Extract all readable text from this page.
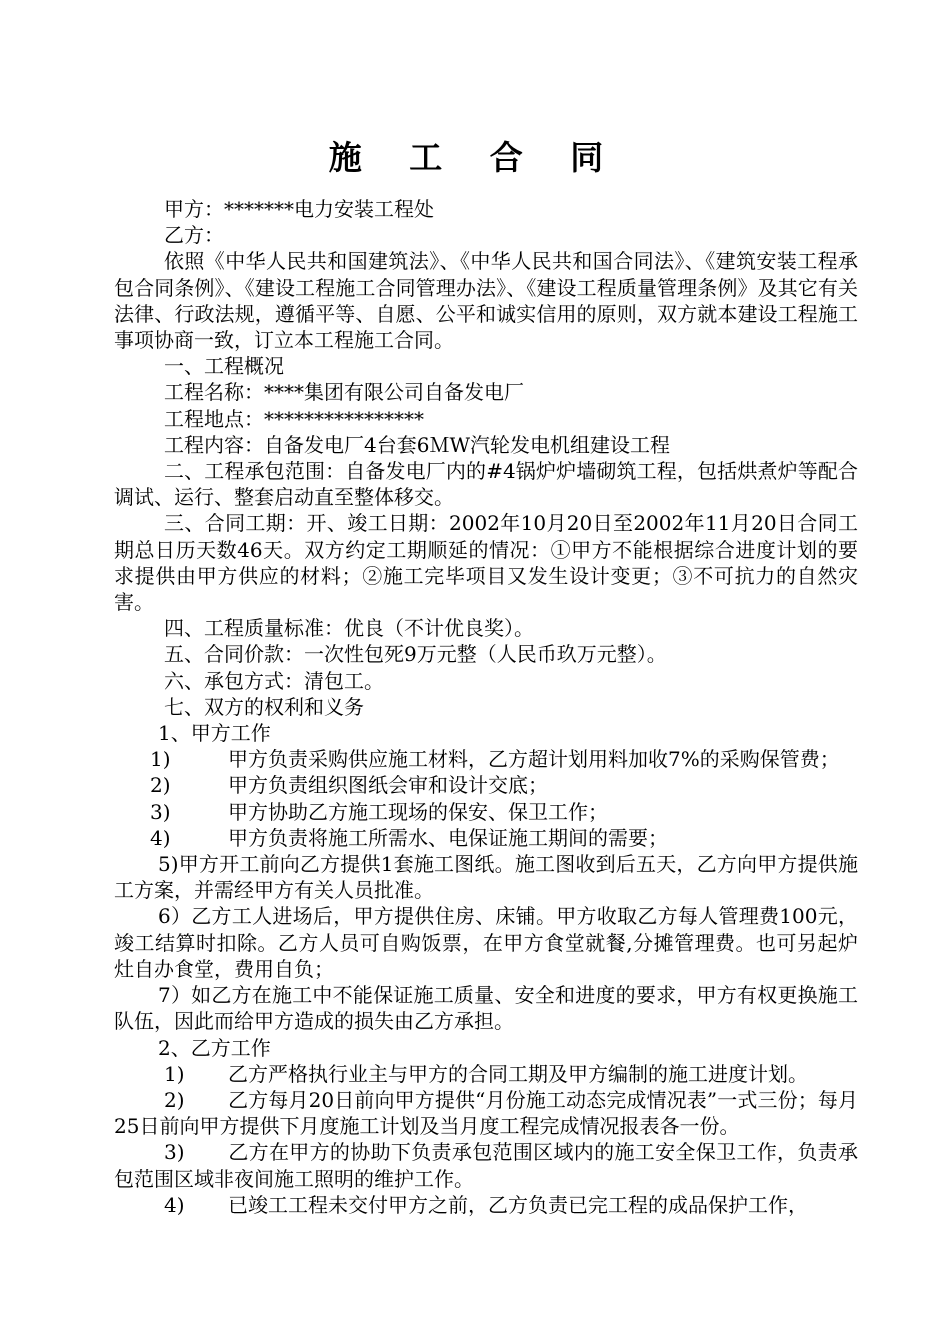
施 工 合 同

甲方：*******电力安装工程处

乙方：

依照《中华人民共和国建筑法》、《中华人民共和国合同法》、《建筑安装工程承包合同条例》、《建设工程施工合同管理办法》、《建设工程质量管理条例》及其它有关法律、行政法规，遵循平等、自愿、公平和诚实信用的原则，双方就本建设工程施工事项协商一致，订立本工程施工合同。

一、工程概况

工程名称：****集团有限公司自备发电厂

工程地点：****************

工程内容：自备发电厂4台套6ＭW汽轮发电机组建设工程

二、工程承包范围：自备发电厂内的#4锅炉炉墙砌筑工程，包括烘煮炉等配合调试、运行、整套启动直至整体移交。

三、合同工期：开、竣工日期：2002年10月20日至2002年11月20日合同工期总日历天数46天。双方约定工期顺延的情况：①甲方不能根据综合进度计划的要求提供由甲方供应的材料；②施工完毕项目又发生设计变更；③不可抗力的自然灾害。

四、工程质量标准：优良（不计优良奖）。

五、合同价款：一次性包死9万元整（人民币玖万元整）。

六、承包方式：清包工。

七、双方的权利和义务

1、甲方工作

1)	甲方负责采购供应施工材料，乙方超计划用料加收7%的采购保管费；

2)	甲方负责组织图纸会审和设计交底；

3)	甲方协助乙方施工现场的保安、保卫工作；

4)	甲方负责将施工所需水、电保证施工期间的需要；

5)甲方开工前向乙方提供1套施工图纸。施工图收到后五天，乙方向甲方提供施工方案，并需经甲方有关人员批准。

6）乙方工人进场后，甲方提供住房、床铺。甲方收取乙方每人管理费100元，竣工结算时扣除。乙方人员可自购饭票，在甲方食堂就餐,分摊管理费。也可另起炉灶自办食堂，费用自负；

7）如乙方在施工中不能保证施工质量、安全和进度的要求，甲方有权更换施工队伍，因此而给甲方造成的损失由乙方承担。

2、乙方工作

1) 乙方严格执行业主与甲方的合同工期及甲方编制的施工进度计划。

2) 乙方每月20日前向甲方提供“月份施工动态完成情况表”一式三份；每月25日前向甲方提供下月度施工计划及当月度工程完成情况报表各一份。

3) 乙方在甲方的协助下负责承包范围区域内的施工安全保卫工作，负责承包范围区域非夜间施工照明的维护工作。

4) 已竣工工程未交付甲方之前，乙方负责已完工程的成品保护工作，
